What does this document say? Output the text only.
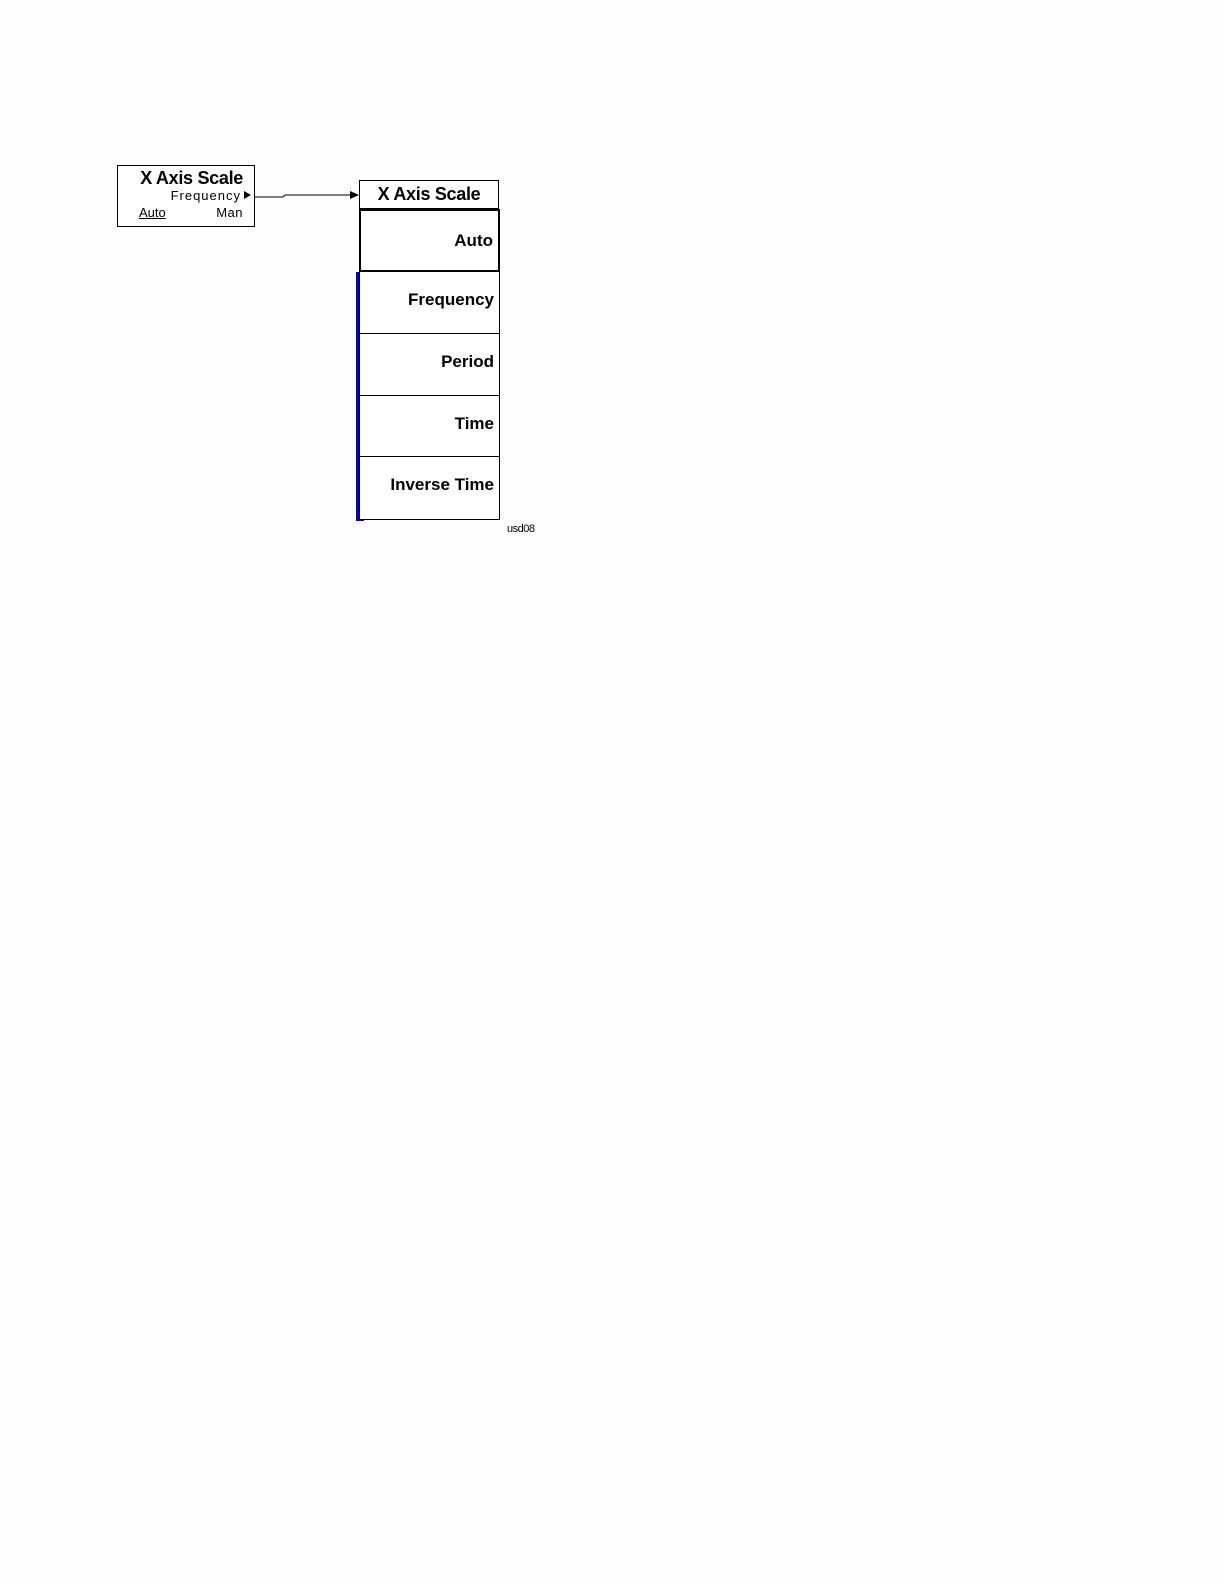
X Axis Scale
Frequency
Auto	Man
X Axis Scale
Auto
Frequency
Period
Time
Inverse Time
usd08
